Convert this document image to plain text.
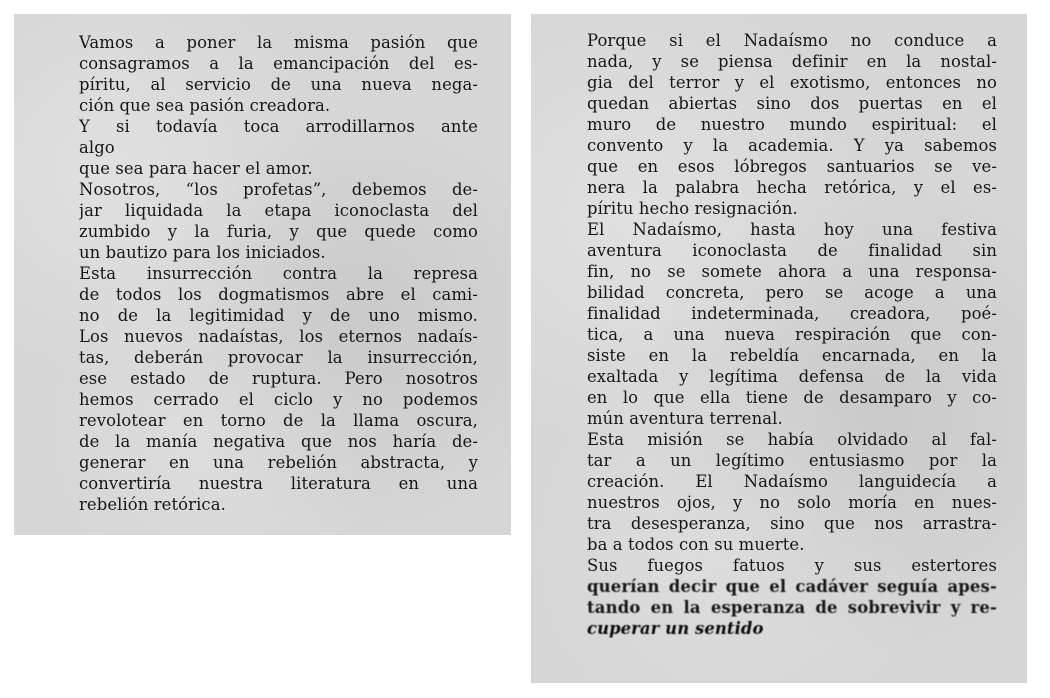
Vamos a poner la misma pasión que
consagramos a la emancipación del es-
píritu, al servicio de una nueva nega-
ción que sea pasión creadora.
Y si todavía toca arrodillarnos ante
algo
que sea para hacer el amor.
Nosotros, “los profetas”, debemos de-
jar liquidada la etapa iconoclasta del
zumbido y la furia, y que quede como
un bautizo para los iniciados.
Esta insurrección contra la represa
de todos los dogmatismos abre el cami-
no de la legitimidad y de uno mismo.
Los nuevos nadaístas, los eternos nadaís-
tas, deberán provocar la insurrección,
ese estado de ruptura. Pero nosotros
hemos cerrado el ciclo y no podemos
revolotear en torno de la llama oscura,
de la manía negativa que nos haría de-
generar en una rebelión abstracta, y
convertiría nuestra literatura en una
rebelión retórica.
Porque si el Nadaísmo no conduce a
nada, y se piensa definir en la nostal-
gia del terror y el exotismo, entonces no
quedan abiertas sino dos puertas en el
muro de nuestro mundo espiritual: el
convento y la academia. Y ya sabemos
que en esos lóbregos santuarios se ve-
nera la palabra hecha retórica, y el es-
píritu hecho resignación.
El Nadaísmo, hasta hoy una festiva
aventura iconoclasta de finalidad sin
fin, no se somete ahora a una responsa-
bilidad concreta, pero se acoge a una
finalidad indeterminada, creadora, poé-
tica, a una nueva respiración que con-
siste en la rebeldía encarnada, en la
exaltada y legítima defensa de la vida
en lo que ella tiene de desamparo y co-
mún aventura terrenal.
Esta misión se había olvidado al fal-
tar a un legítimo entusiasmo por la
creación. El Nadaísmo languidecía a
nuestros ojos, y no solo moría en nues-
tra desesperanza, sino que nos arrastra-
ba a todos con su muerte.
Sus fuegos fatuos y sus estertores
querían decir que el cadáver seguía apes-
tando en la esperanza de sobrevivir y re-
cuperar un sentido
